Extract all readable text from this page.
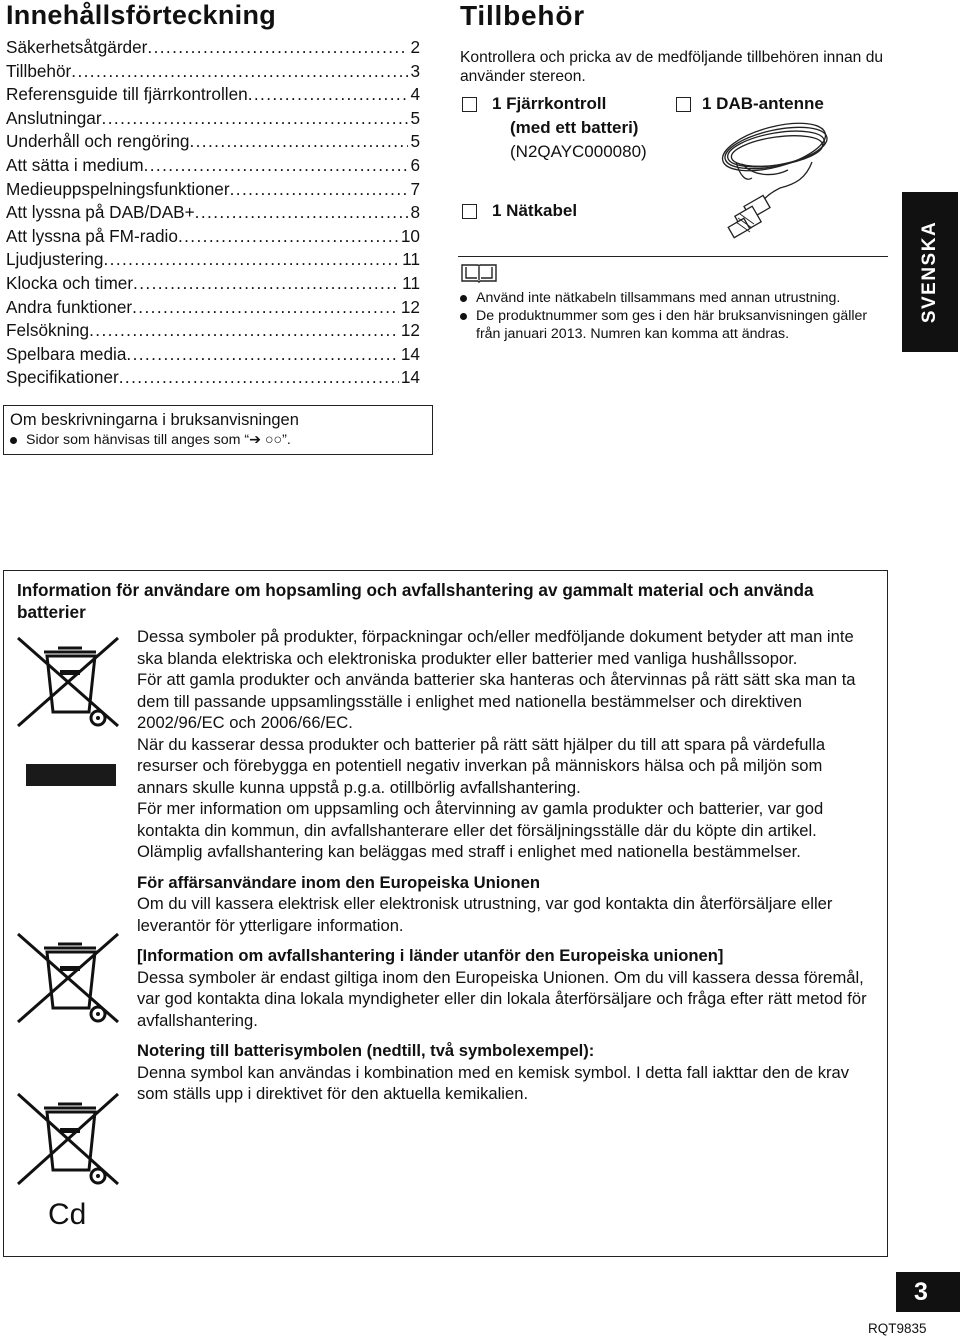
Innehållsförteckning
Säkerhetsåtgärder .....	2
Tillbehör .....	3
Referensguide till fjärrkontrollen .....	4
Anslutningar .....	5
Underhåll och rengöring .....	5
Att sätta i medium .....	6
Medieuppspelningsfunktioner .....	7
Att lyssna på DAB/DAB+ .....	8
Att lyssna på FM-radio .....	10
Ljudjustering .....	11
Klocka och timer .....	11
Andra funktioner .....	12
Felsökning .....	12
Spelbara media .....	14
Specifikationer .....	14
Om beskrivningarna i bruksanvisningen
Sidor som hänvisas till anges som “➔ ○○”.
Tillbehör
Kontrollera och pricka av de medföljande tillbehören innan du använder stereon.
1 Fjärrkontroll
(med ett batteri)
(N2QAYC000080)
1 DAB-antenne
1 Nätkabel
Använd inte nätkabeln tillsammans med annan utrustning.
De produktnummer som ges i den här bruksanvisningen gäller från januari 2013. Numren kan komma att ändras.
SVENSKA
Information för användare om hopsamling och avfallshantering av gammalt material och använda batterier
Cd

Dessa symboler på produkter, förpackningar och/eller medföljande dokument betyder att man inte ska blanda elektriska och elektroniska produkter eller batterier med vanliga hushållssopor.

För att gamla produkter och använda batterier ska hanteras och återvinnas på rätt sätt ska man ta dem till passande uppsamlingsställe i enlighet med nationella bestämmelser och direktiven 2002/96/EC och 2006/66/EC.

När du kasserar dessa produkter och batterier på rätt sätt hjälper du till att spara på värdefulla resurser och förebygga en potentiell negativ inverkan på människors hälsa och på miljön som annars skulle kunna uppstå p.g.a. otillbörlig avfallshantering.

För mer information om uppsamling och återvinning av gamla produkter och batterier, var god kontakta din kommun, din avfallshanterare eller det försäljningsställe där du köpte din artikel.

Olämplig avfallshantering kan beläggas med straff i enlighet med nationella bestämmelser.

För affärsanvändare inom den Europeiska Unionen

Om du vill kassera elektrisk eller elektronisk utrustning, var god kontakta din återförsäljare eller leverantör för ytterligare information.

[Information om avfallshantering i länder utanför den Europeiska unionen]

Dessa symboler är endast giltiga inom den Europeiska Unionen. Om du vill kassera dessa föremål, var god kontakta dina lokala myndigheter eller din lokala återförsäljare och fråga efter rätt metod för avfallshantering.

Notering till batterisymbolen (nedtill, två symbolexempel):

Denna symbol kan användas i kombination med en kemisk symbol. I detta fall iakttar den de krav som ställs upp i direktivet för den aktuella kemikalien.

3
RQT9835
